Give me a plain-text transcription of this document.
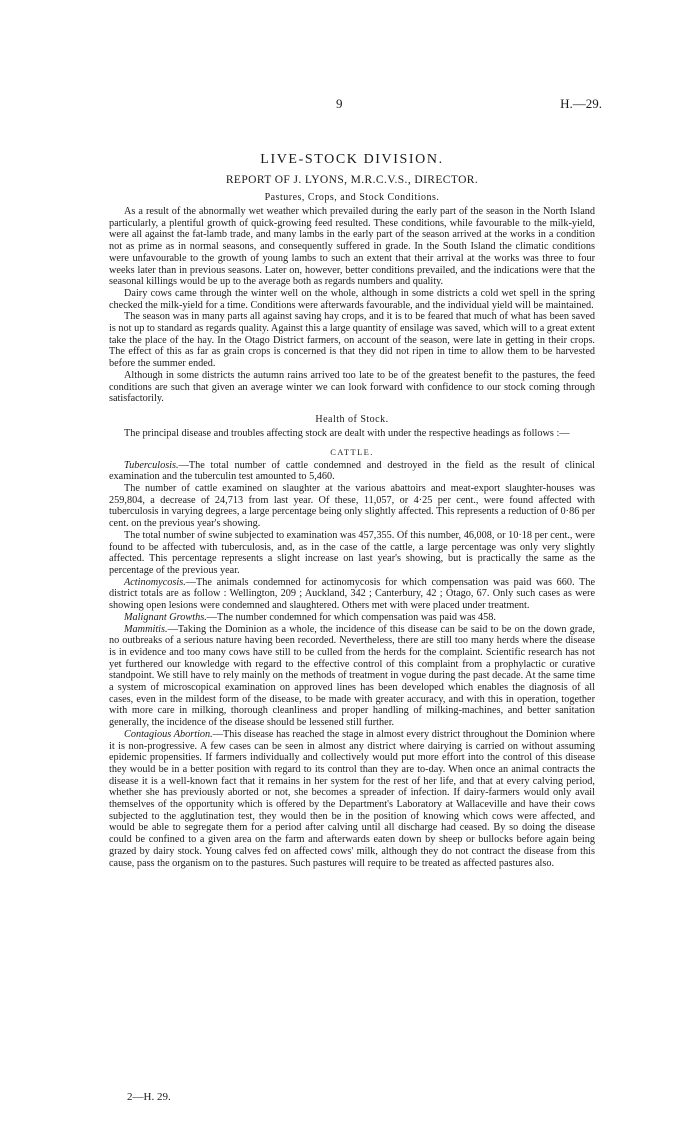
9	H.—29.
LIVE-STOCK DIVISION.
REPORT OF J. LYONS, M.R.C.V.S., DIRECTOR.
Pastures, Crops, and Stock Conditions.

As a result of the abnormally wet weather which prevailed during the early part of the season in the North Island particularly, a plentiful growth of quick-growing feed resulted. These conditions, while favourable to the milk-yield, were all against the fat-lamb trade, and many lambs in the early part of the season arrived at the works in a condition not as prime as in normal seasons, and consequently suffered in grade. In the South Island the climatic conditions were unfavourable to the growth of young lambs to such an extent that their arrival at the works was three to four weeks later than in previous seasons. Later on, however, better conditions prevailed, and the indications were that the seasonal killings would be up to the average both as regards numbers and quality.

Dairy cows came through the winter well on the whole, although in some districts a cold wet spell in the spring checked the milk-yield for a time. Conditions were afterwards favourable, and the individual yield will be maintained.

The season was in many parts all against saving hay crops, and it is to be feared that much of what has been saved is not up to standard as regards quality. Against this a large quantity of ensilage was saved, which will to a great extent take the place of the hay. In the Otago District farmers, on account of the season, were late in getting in their crops. The effect of this as far as grain crops is concerned is that they did not ripen in time to allow them to be harvested before the summer ended.

Although in some districts the autumn rains arrived too late to be of the greatest benefit to the pastures, the feed conditions are such that given an average winter we can look forward with confidence to our stock coming through satisfactorily.

Health of Stock.

The principal disease and troubles affecting stock are dealt with under the respective headings as follows :—

CATTLE.

Tuberculosis.—The total number of cattle condemned and destroyed in the field as the result of clinical examination and the tuberculin test amounted to 5,460.

The number of cattle examined on slaughter at the various abattoirs and meat-export slaughter-houses was 259,804, a decrease of 24,713 from last year. Of these, 11,057, or 4·25 per cent., were found affected with tuberculosis in varying degrees, a large percentage being only slightly affected. This represents a reduction of 0·86 per cent. on the previous year's showing.

The total number of swine subjected to examination was 457,355. Of this number, 46,008, or 10·18 per cent., were found to be affected with tuberculosis, and, as in the case of the cattle, a large percentage was only very slightly affected. This percentage represents a slight increase on last year's showing, but is practically the same as the percentage of the previous year.

Actinomycosis.—The animals condemned for actinomycosis for which compensation was paid was 660. The district totals are as follow : Wellington, 209 ; Auckland, 342 ; Canterbury, 42 ; Otago, 67. Only such cases as were showing open lesions were condemned and slaughtered. Others met with were placed under treatment.

Malignant Growths.—The number condemned for which compensation was paid was 458.

Mammitis.—Taking the Dominion as a whole, the incidence of this disease can be said to be on the down grade, no outbreaks of a serious nature having been recorded. Nevertheless, there are still too many herds where the disease is in evidence and too many cows have still to be culled from the herds for the complaint. Scientific research has not yet furthered our knowledge with regard to the effective control of this complaint from a prophylactic or curative standpoint. We still have to rely mainly on the methods of treatment in vogue during the past decade. At the same time a system of microscopical examination on approved lines has been developed which enables the diagnosis of all cases, even in the mildest form of the disease, to be made with greater accuracy, and with this in operation, together with more care in milking, thorough cleanliness and proper handling of milking-machines, and better sanitation generally, the incidence of the disease should be lessened still further.

Contagious Abortion.—This disease has reached the stage in almost every district throughout the Dominion where it is non-progressive. A few cases can be seen in almost any district where dairying is carried on without assuming epidemic propensities. If farmers individually and collectively would put more effort into the control of this disease they would be in a better position with regard to its control than they are to-day. When once an animal contracts the disease it is a well-known fact that it remains in her system for the rest of her life, and that at every calving period, whether she has previously aborted or not, she becomes a spreader of infection. If dairy-farmers would only avail themselves of the opportunity which is offered by the Department's Laboratory at Wallaceville and have their cows subjected to the agglutination test, they would then be in the position of knowing which cows were affected, and would be able to segregate them for a period after calving until all discharge had ceased. By so doing the disease could be confined to a given area on the farm and afterwards eaten down by sheep or bullocks before again being grazed by dairy stock. Young calves fed on affected cows' milk, although they do not contract the disease from this cause, pass the organism on to the pastures. Such pastures will require to be treated as affected pastures also.

2—H. 29.
